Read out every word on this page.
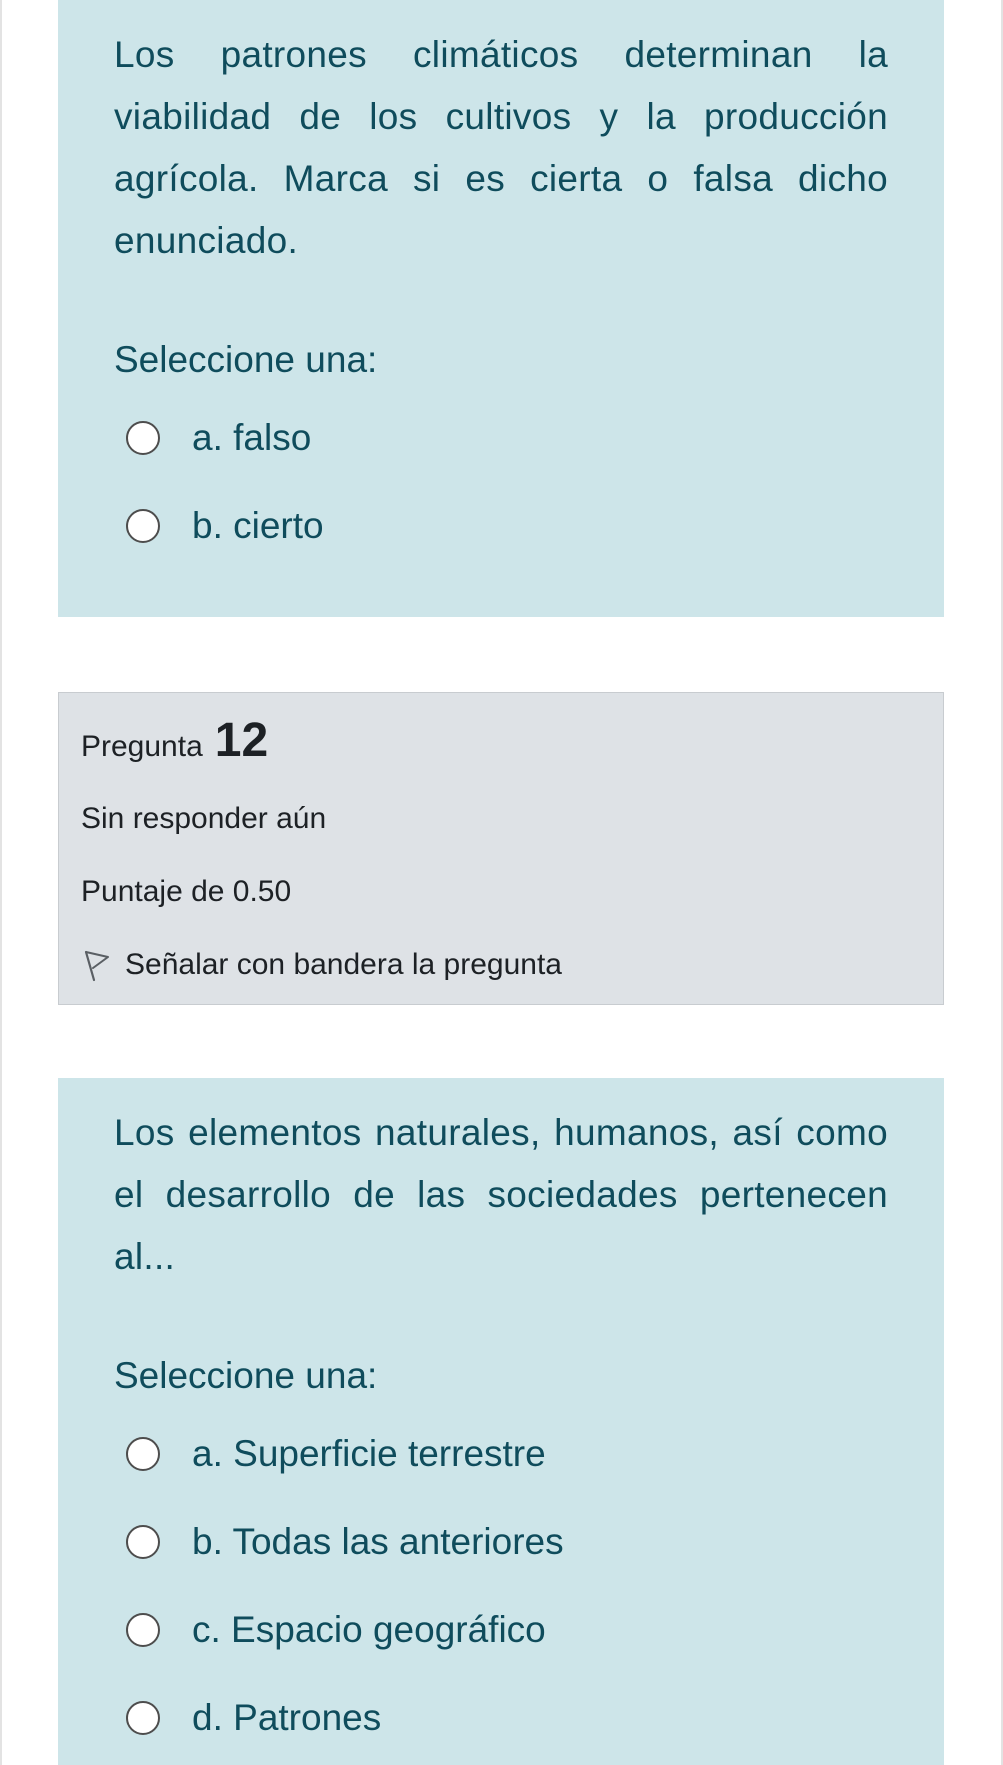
Los patrones climáticos determinan la viabilidad de los cultivos y la producción agrícola. Marca si es cierta o falsa dicho enunciado.

Seleccione una:
a. falso
b. cierto
Pregunta 12
Sin responder aún
Puntaje de 0.50
Señalar con bandera la pregunta

Los elementos naturales, humanos, así como el desarrollo de las sociedades pertenecen al...

Seleccione una:
a. Superficie terrestre
b. Todas las anteriores
c. Espacio geográfico
d. Patrones
